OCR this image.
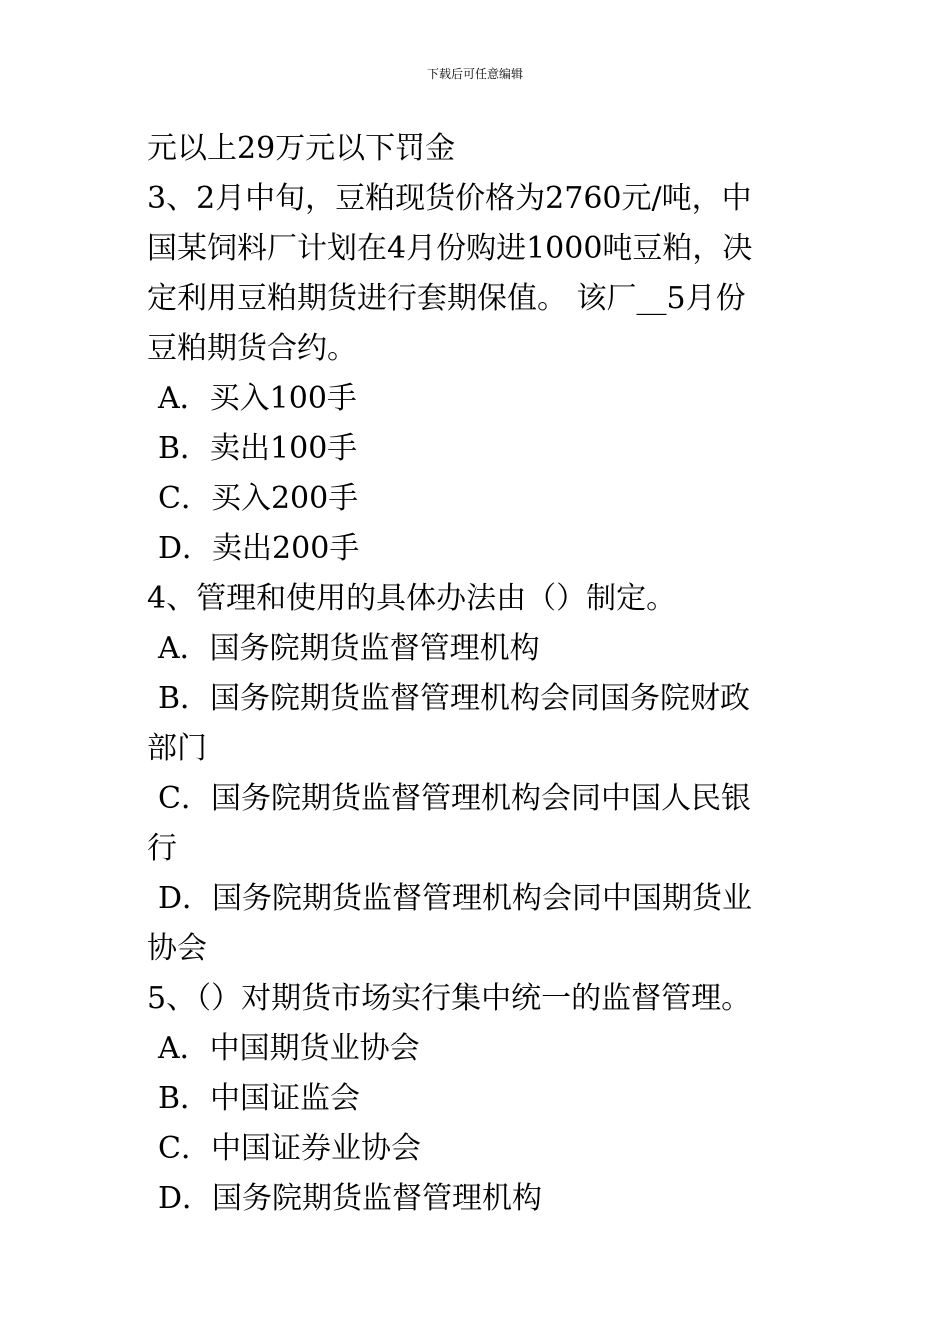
下载后可任意编辑
元以上29万元以下罚金
3、2月中旬，豆粕现货价格为2760元/吨，中
国某饲料厂计划在4月份购进1000吨豆粕，决
定利用豆粕期货进行套期保值。 该厂__5月份
豆粕期货合约。
A．买入100手
B．卖出100手
C．买入200手
D．卖出200手
4、管理和使用的具体办法由（）制定。
A．国务院期货监督管理机构
B．国务院期货监督管理机构会同国务院财政
部门
C．国务院期货监督管理机构会同中国人民银
行
D．国务院期货监督管理机构会同中国期货业
协会
5、（）对期货市场实行集中统一的监督管理。
A．中国期货业协会
B．中国证监会
C．中国证券业协会
D．国务院期货监督管理机构
